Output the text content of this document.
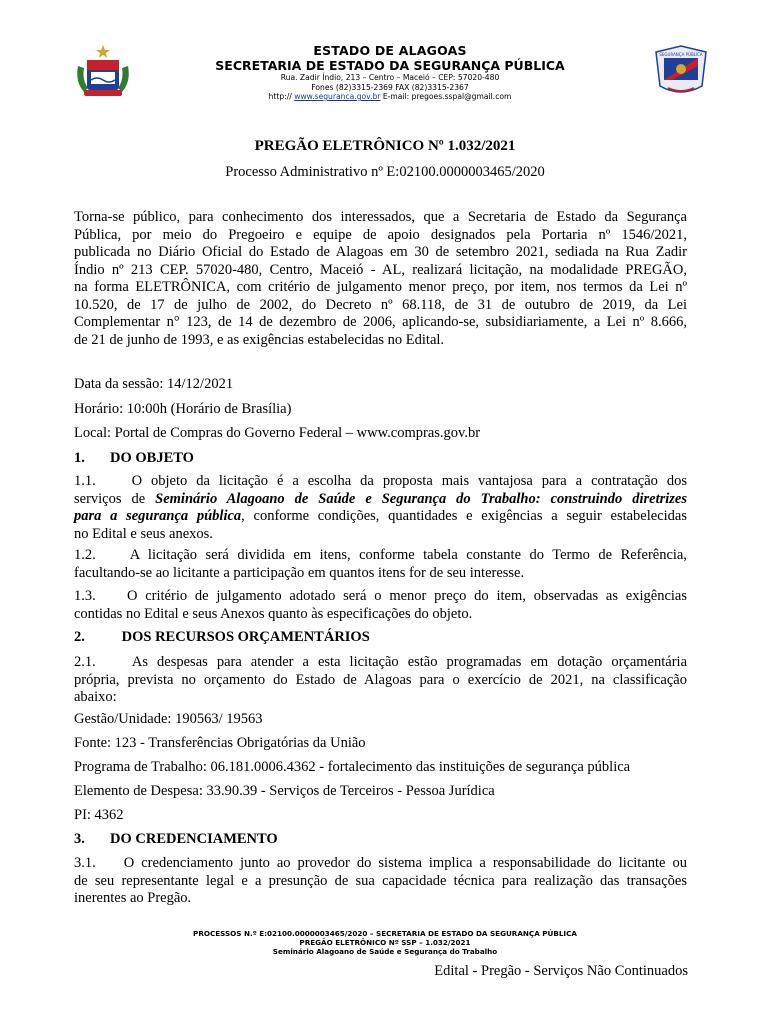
ESTADO DE ALAGOAS
SECRETARIA DE ESTADO DA SEGURANÇA PÚBLICA
Rua. Zadir Índio, 213 – Centro – Maceió – CEP: 57020-480
Fones (82)3315-2369 FAX (82)3315-2367
http:// www.seguranca.gov.br E-mail: pregoes.sspal@gmail.com
SEGURANÇA PÚBLICA
PREGÃO ELETRÔNICO Nº 1.032/2021
Processo Administrativo nº E:02100.0000003465/2020
Torna-se público, para conhecimento dos interessados, que a Secretaria de Estado da Segurança
Pública, por meio do Pregoeiro e equipe de apoio designados pela Portaria nº 1546/2021,
publicada no Diário Oficial do Estado de Alagoas em 30 de setembro 2021, sediada na Rua Zadir
Índio nº 213 CEP. 57020-480, Centro, Maceió - AL, realizará licitação, na modalidade PREGÃO,
na forma ELETRÔNICA, com critério de julgamento menor preço, por item, nos termos da Lei nº
10.520, de 17 de julho de 2002, do Decreto nº 68.118, de 31 de outubro de 2019, da Lei
Complementar n° 123, de 14 de dezembro de 2006, aplicando-se, subsidiariamente, a Lei nº 8.666,
de 21 de junho de 1993, e as exigências estabelecidas no Edital.
Data da sessão: 14/12/2021
Horário: 10:00h (Horário de Brasília)
Local: Portal de Compras do Governo Federal – www.compras.gov.br
1. DO OBJETO
1.1.    O objeto da licitação é a escolha da proposta mais vantajosa para a contratação dos
serviços de Seminário Alagoano de Saúde e Segurança do Trabalho: construindo diretrizes
para a segurança pública, conforme condições, quantidades e exigências a seguir estabelecidas
no Edital e seus anexos.
1.2.    A licitação será dividida em itens, conforme tabela constante do Termo de Referência,
facultando-se ao licitante a participação em quantos itens for de seu interesse.
1.3.    O critério de julgamento adotado será o menor preço do item, observadas as exigências
contidas no Edital e seus Anexos quanto às especificações do objeto.
2.	DOS RECURSOS ORÇAMENTÁRIOS
2.1.    As despesas para atender a esta licitação estão programadas em dotação orçamentária
própria, prevista no orçamento do Estado de Alagoas para o exercício de 2021, na classificação
abaixo:
Gestão/Unidade: 190563/ 19563
Fonte: 123 - Transferências Obrigatórias da União
Programa de Trabalho: 06.181.0006.4362 - fortalecimento das instituições de segurança pública
Elemento de Despesa: 33.90.39 - Serviços de Terceiros - Pessoa Jurídica
PI: 4362
3. DO CREDENCIAMENTO
3.1.    O credenciamento junto ao provedor do sistema implica a responsabilidade do licitante ou
de seu representante legal e a presunção de sua capacidade técnica para realização das transações
inerentes ao Pregão.
PROCESSOS N.º E:02100.0000003465/2020 – SECRETARIA DE ESTADO DA SEGURANÇA PÚBLICA
PREGÃO ELETRÔNICO Nº SSP – 1.032/2021
Seminário Alagoano de Saúde e Segurança do Trabalho
Edital - Pregão - Serviços Não Continuados
